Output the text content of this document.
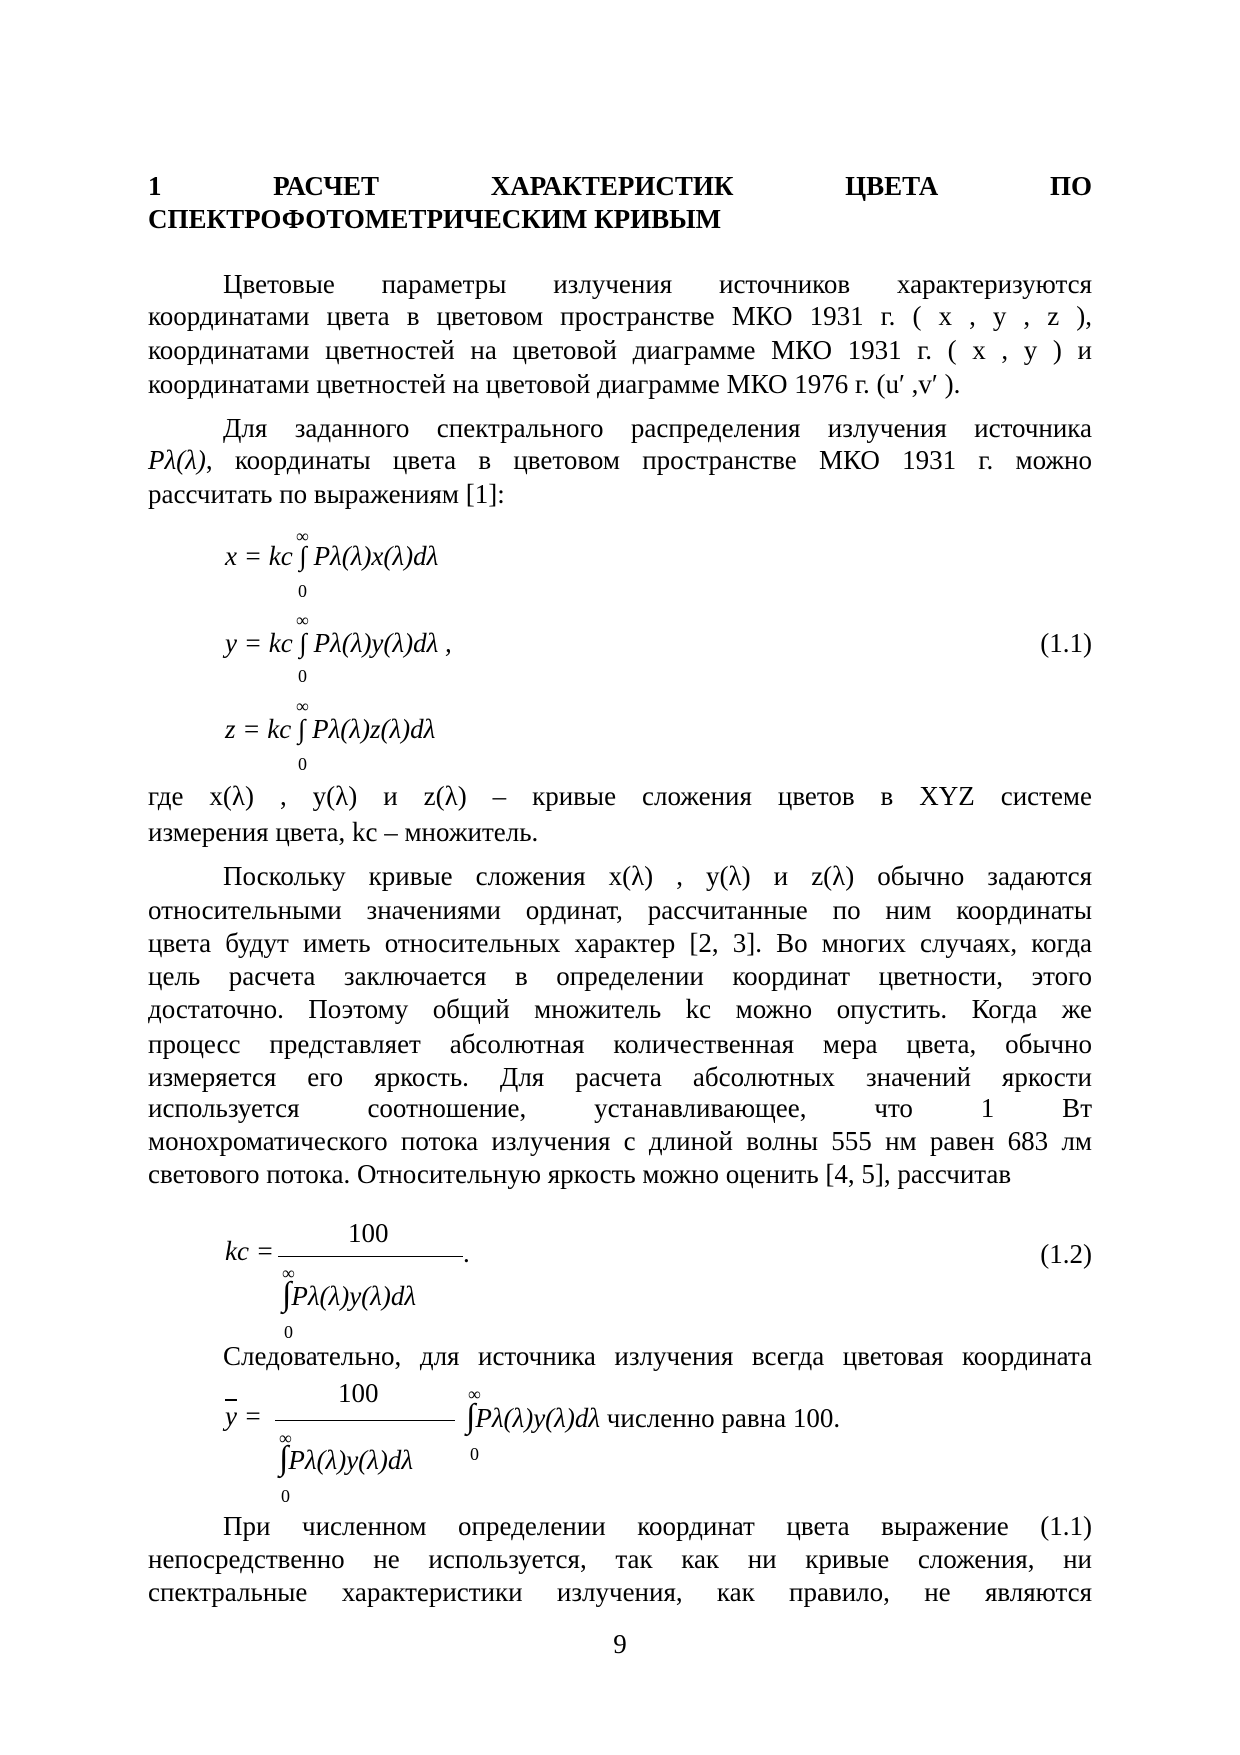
1 РАСЧЕТ	ХАРАКТЕРИСТИК	ЦВЕТА	ПО
СПЕКТРОФОТОМЕТРИЧЕСКИМ КРИВЫМ
Цветовые параметры излучения источников характеризуются
координатами цвета в цветовом пространстве МКО 1931 г. ( x , y , z ),
координатами цветностей на цветовой диаграмме МКО 1931 г. ( x , y ) и
координатами цветностей на цветовой диаграмме МКО 1976 г. (u′ ,v′ ).
Для заданного спектрального распределения излучения источника
Pλ(λ), координаты цвета в цветовом пространстве МКО 1931 г. можно
рассчитать по выражениям [1]:
∞
x = kc ∫ Pλ(λ)x(λ)dλ
0
∞
y = kc ∫ Pλ(λ)y(λ)dλ ,
0
(1.1)
∞
z = kc ∫ Pλ(λ)z(λ)dλ
0
где x(λ) , y(λ) и z(λ) – кривые сложения цветов в XYZ системе
измерения цвета, kc – множитель.
Поскольку кривые сложения x(λ) , y(λ) и z(λ) обычно задаются
относительными значениями ординат, рассчитанные по ним координаты
цвета будут иметь относительных характер [2, 3]. Во многих случаях, когда
цель расчета заключается в определении координат цветности, этого
достаточно. Поэтому общий множитель kc можно опустить. Когда же
процесс представляет абсолютная количественная мера цвета, обычно
измеряется его яркость. Для расчета абсолютных значений яркости
используется соотношение, устанавливающее, что 1 Вт
монохроматического потока излучения с длиной волны 555 нм равен 683 лм
светового потока. Относительную яркость можно оценить [4, 5], рассчитав
kc =
100
∞
∫Pλ(λ)y(λ)dλ
0
.	(1.2)
Следовательно, для источника излучения всегда цветовая координата
$\overline{y}$ =
100
∞
∫Pλ(λ)y(λ)dλ
0
∞
∫Pλ(λ)y(λ)dλ численно равна 100.
0
При численном определении координат цвета выражение (1.1)
непосредственно не используется, так как ни кривые сложения, ни
спектральные характеристики излучения, как правило, не являются
9
